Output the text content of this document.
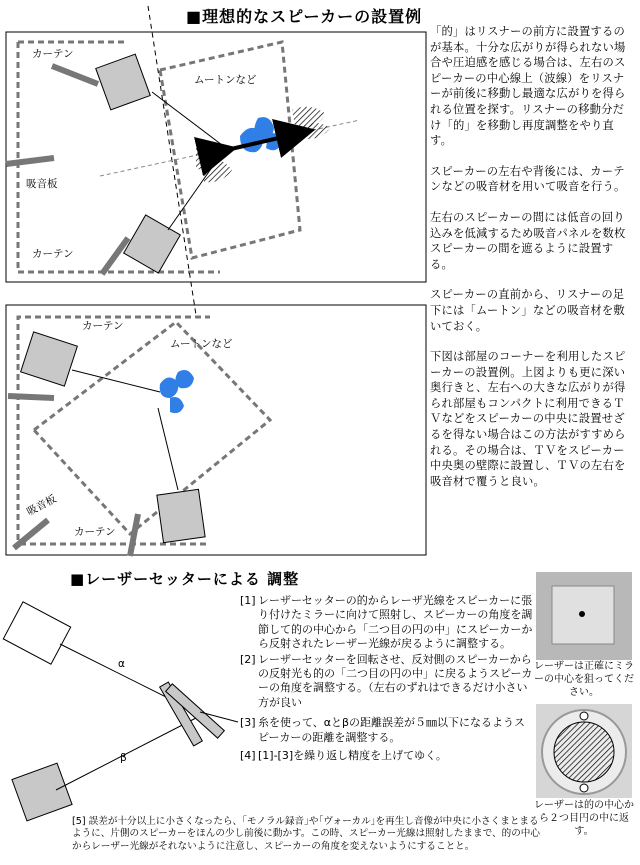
■理想的なスピーカーの設置例
■レーザーセッターによる 調整
カーテン
カーテン
吸音板
ムートンなど
カーテン
カーテン
吸音板
ムートンなど
α
β

「的」はリスナーの前方に設置するのが基本。十分な広がりが得られない場合や圧迫感を感じる場合は、左右のスピーカーの中心線上（波線）をリスナーが前後に移動し最適な広がりを得られる位置を探す。リスナーの移動分だけ「的」を移動し再度調整をやり直す。

スピーカーの左右や背後には、カーテンなどの吸音材を用いて吸音を行う。

左右のスピーカーの間には低音の回り込みを低減するため吸音パネルを数枚スピーカーの間を遮るように設置する。

スピーカーの直前から、リスナーの足下には「ムートン」などの吸音材を敷いておく。

下図は部屋のコーナーを利用したスピーカーの設置例。上図よりも更に深い奥行きと、左右への大きな広がりが得られ部屋もコンパクトに利用できるＴＶなどをスピーカーの中央に設置せざるを得ない場合はこの方法がすすめられる。その場合は、ＴＶをスピーカー中央奥の壁際に設置し、ＴＶの左右を吸音材で覆うと良い。

[1] レーザーセッターの的からレーザ光線をスピーカーに張り付けたミラーに向けて照射し、スピーカーの角度を調節して的の中心から「二つ目の円の中」にスピーカーから反射されたレーザー光線が戻るように調整する。
[2] レーザーセッターを回転させ、反対側のスピーカーからの反射光も的の「二つ目の円の中」に戻るようスピーカーの角度を調整する。（左右のずれはできるだけ小さい方が良い
[3] 糸を使って、αとβの距離誤差が５㎜以下になるようスピーカーの距離を調整する。
[4] [1]-[3]を繰り返し精度を上げてゆく。
[5] 誤差が十分以上に小さくなったら、｢モノラル録音｣や｢ヴォーカル｣を再生し音像が中央に小さくまとまるように、片側のスピーカーをほんの少し前後に動かす。この時、スピーカー光線は照射したままで、的の中心からレーザー光線がそれないように注意し、スピーカーの角度を変えないようにすることと。
レーザーは正確にミラーの中心を狙ってください。
レーザーは的の中心から２つ目円の中に返す。
